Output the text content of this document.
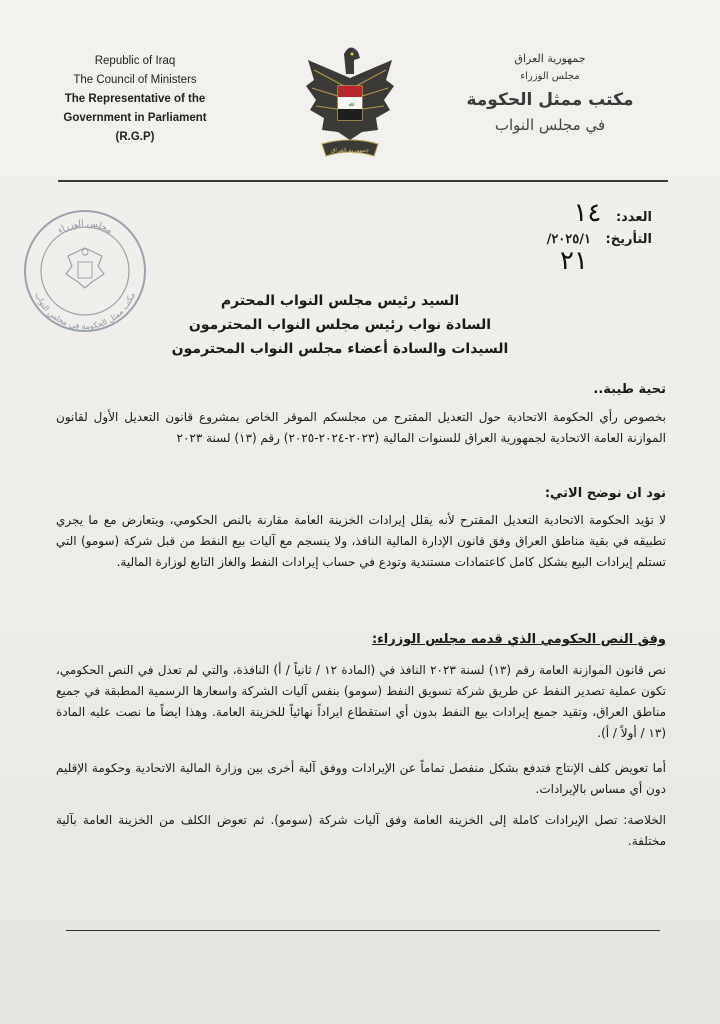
Republic of Iraq
The Council of Ministers
The Representative of the
Government in Parliament
(R.G.P)
ﷲ
جمهورية العراق
جمهورية العراق
مجلس الوزراء
مكتب ممثل الحكومة
في مجلس النواب
العدد: ١٤
التأريخ: ٢٠٢٥/١/
٢١
مجلس الوزراء
مكتب ممثل الحكومة في مجلس النواب	السيد رئيس مجلس النواب المحترم
السادة نواب رئيس مجلس النواب المحترمون
السيدات والسادة أعضاء مجلس النواب المحترمون
تحية طيبة..
بخصوص رأي الحكومة الاتحادية حول التعديل المقترح من مجلسكم الموقر الخاص بمشروع قانون التعديل الأول لقانون الموازنة العامة الاتحادية لجمهورية العراق للسنوات المالية (٢٠٢٣-٢٠٢٤-٢٠٢٥) رقم (١٣) لسنة ٢٠٢٣
نود ان نوضح الاتي:
لا تؤيد الحكومة الاتحادية التعديل المقترح لأنه يقلل إيرادات الخزينة العامة مقارنة بالنص الحكومي، ويتعارض مع ما يجري تطبيقه في بقية مناطق العراق وفق قانون الإدارة المالية النافذ، ولا ينسجم مع آليات بيع النفط من قبل شركة (سومو) التي تستلم إيرادات البيع بشكل كامل كاعتمادات مستندية وتودع في حساب إيرادات النفط والغاز التابع لوزارة المالية.
وفق النص الحكومي الذي قدمه مجلس الوزراء:
نص قانون الموازنة العامة رقم (١٣) لسنة ٢٠٢٣ النافذ في (المادة ١٢ / ثانياً / أ) النافذة، والتي لم تعدل في النص الحكومي، تكون عملية تصدير النفط عن طريق شركة تسويق النفط (سومو) بنفس آليات الشركة واسعارها الرسمية المطبقة في جميع مناطق العراق، وتقيد جميع إيرادات بيع النفط بدون أي استقطاع ايراداً نهائياً للخزينة العامة. وهذا ايضاً ما نصت عليه المادة (١٣ / أولاً / أ).
أما تعويض كلف الإنتاج فتدفع بشكل منفصل تماماً عن الإيرادات ووفق آلية أخرى بين وزارة المالية الاتحادية وحكومة الإقليم دون أي مساس بالإيرادات.
الخلاصة: تصل الإيرادات كاملة إلى الخزينة العامة وفق آليات شركة (سومو). ثم تعوض الكلف من الخزينة العامة بآلية مختلفة.
